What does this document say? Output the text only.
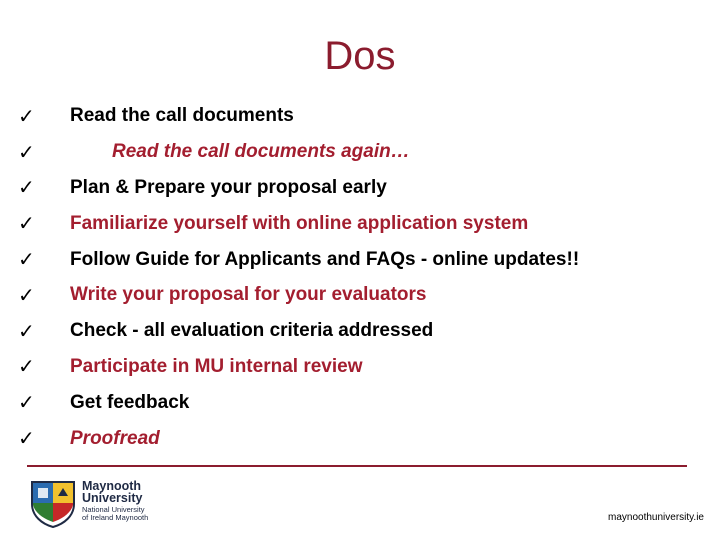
Dos
✓	Read the call documents
✓	Read the call documents again…
✓	Plan & Prepare your proposal early
✓	Familiarize yourself with online application system
✓	Follow Guide for Applicants and FAQs - online updates!!
✓	Write your proposal for your evaluators
✓	Check - all evaluation criteria addressed
✓	Participate in MU internal review
✓	Get feedback
✓	Proofread
Maynooth
University
National University
of Ireland Maynooth	maynoothuniversity.ie
